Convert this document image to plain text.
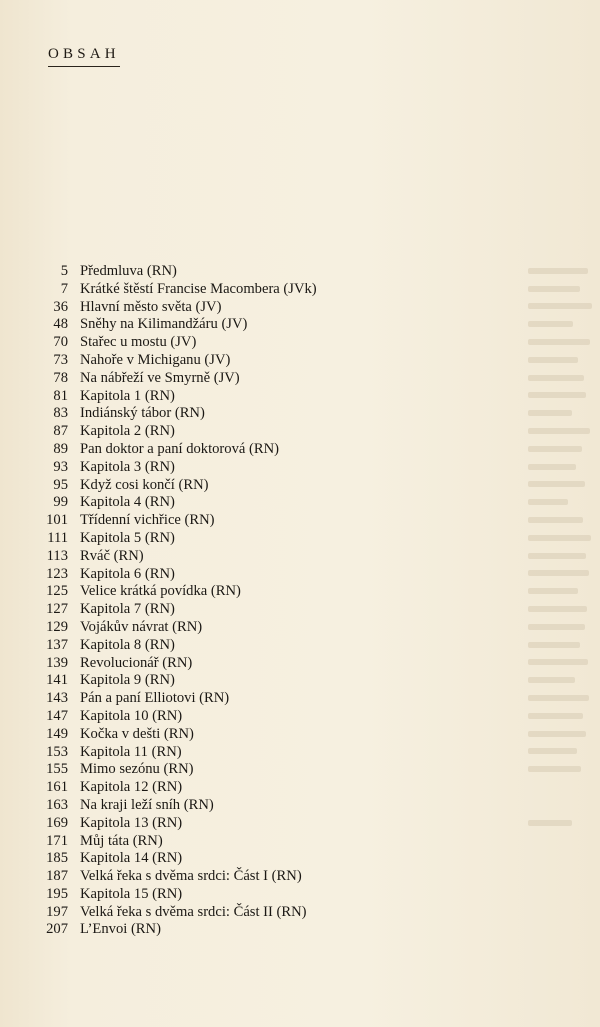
OBSAH
5 Předmluva (RN)
7 Krátké štěstí Francise Macombera (JVk)
36 Hlavní město světa (JV)
48 Sněhy na Kilimandžáru (JV)
70 Stařec u mostu (JV)
73 Nahoře v Michiganu (JV)
78 Na nábřeží ve Smyrně (JV)
81 Kapitola 1 (RN)
83 Indiánský tábor (RN)
87 Kapitola 2 (RN)
89 Pan doktor a paní doktorová (RN)
93 Kapitola 3 (RN)
95 Když cosi končí (RN)
99 Kapitola 4 (RN)
101 Třídenní vichřice (RN)
111 Kapitola 5 (RN)
113 Rváč (RN)
123 Kapitola 6 (RN)
125 Velice krátká povídka (RN)
127 Kapitola 7 (RN)
129 Vojákův návrat (RN)
137 Kapitola 8 (RN)
139 Revolucionář (RN)
141 Kapitola 9 (RN)
143 Pán a paní Elliotovi (RN)
147 Kapitola 10 (RN)
149 Kočka v dešti (RN)
153 Kapitola 11 (RN)
155 Mimo sezónu (RN)
161 Kapitola 12 (RN)
163 Na kraji leží sníh (RN)
169 Kapitola 13 (RN)
171 Můj táta (RN)
185 Kapitola 14 (RN)
187 Velká řeka s dvěma srdci: Část I (RN)
195 Kapitola 15 (RN)
197 Velká řeka s dvěma srdci: Část II (RN)
207 L’Envoi (RN)
